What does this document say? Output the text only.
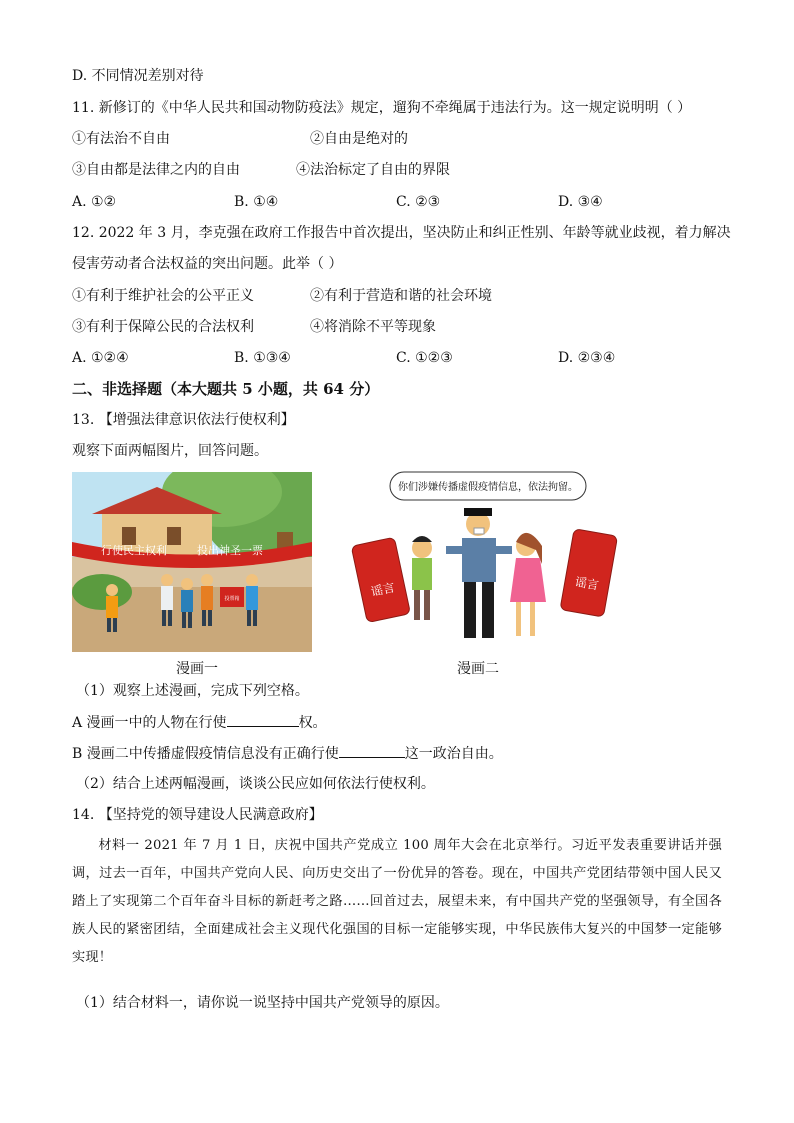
D. 不同情况差别对待
11. 新修订的《中华人民共和国动物防疫法》规定，遛狗不牵绳属于违法行为。这一规定说明明（ ）
①有法治不自由	②自由是绝对的
③自由都是法律之内的自由	④法治标定了自由的界限
A. ①②	B. ①④	C. ②③	D. ③④
12. 2022 年 3 月，李克强在政府工作报告中首次提出，坚决防止和纠正性别、年龄等就业歧视，着力解决
侵害劳动者合法权益的突出问题。此举（ ）
①有利于维护社会的公平正义	②有利于营造和谐的社会环境
③有利于保障公民的合法权利	④将消除不平等现象
A. ①②④	B. ①③④	C. ①②③	D. ②③④
二、非选择题（本大题共 5 小题，共 64 分）
13. 【增强法律意识依法行使权利】
观察下面两幅图片，回答问题。
行使民主权利	投出神圣一票
投票箱
漫画一
你们涉嫌传播虚假疫情信息，依法拘留。
谣言	谣言
漫画二
（1）观察上述漫画，完成下列空格。
A 漫画一中的人物在行使	权。
B 漫画二中传播虚假疫情信息没有正确行使	这一政治自由。
（2）结合上述两幅漫画，谈谈公民应如何依法行使权利。
14. 【坚持党的领导建设人民满意政府】

材料一 2021 年 7 月 1 日，庆祝中国共产党成立 100 周年大会在北京举行。习近平发表重要讲话并强调，过去一百年，中国共产党向人民、向历史交出了一份优异的答卷。现在，中国共产党团结带领中国人民又踏上了实现第二个百年奋斗目标的新赶考之路……回首过去，展望未来，有中国共产党的坚强领导，有全国各族人民的紧密团结，全面建成社会主义现代化强国的目标一定能够实现，中华民族伟大复兴的中国梦一定能够实现！

（1）结合材料一，请你说一说坚持中国共产党领导的原因。
